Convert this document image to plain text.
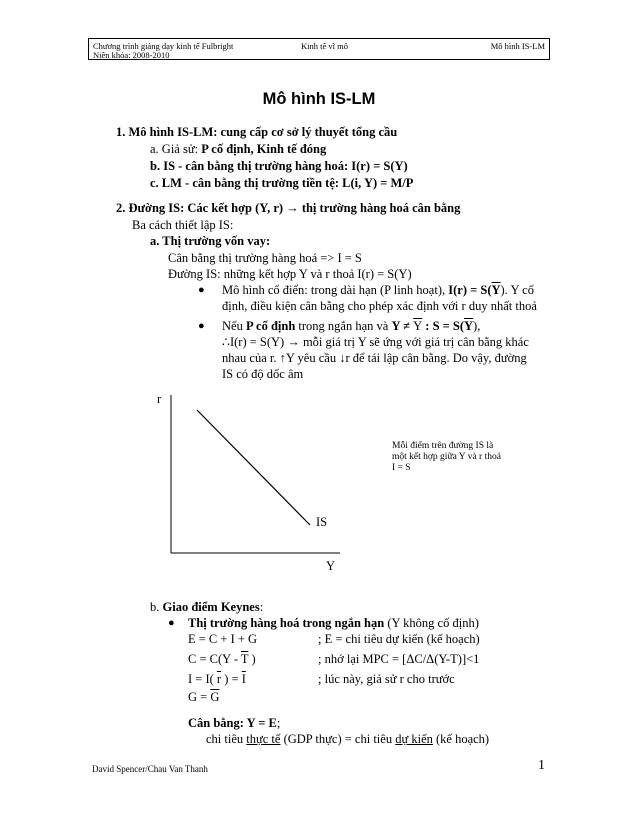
Chương trình giảng dạy kinh tế Fulbright
Niên khóa: 2008-2010
Kinh tế vĩ mô	Mô hình IS-LM
Mô hình IS-LM
1. Mô hình IS-LM: cung cấp cơ sở lý thuyết tổng cầu
a. Giả sử: P cố định, Kinh tế đóng
b. IS - cân bằng thị trường hàng hoá: I(r) = S(Y)
c. LM - cân bằng thị trường tiền tệ: L(i, Y) = M/P
2. Đường IS: Các kết hợp (Y, r) → thị trường hàng hoá cân bằng
Ba cách thiết lập IS:
a. Thị trường vốn vay:
Cân bằng thị trường hàng hoá => I = S
Đường IS: những kết hợp Y và r thoả I(r) = S(Y)
● Mô hình cổ điển: trong dài hạn (P linh hoạt), $I(r) = S(\overline{Y})$. Y cố
định, điều kiện cân bằng cho phép xác định với r duy nhất thoả
● Nếu P cố định trong ngắn hạn và $Y \ne \overline{Y}$ : $S = S(\overline{Y})$,
∴I(r) = S(Y) → mỗi giá trị Y sẽ ứng với giá trị cân bằng khác
nhau của r. ↑Y yêu cầu ↓r để tái lập cân bằng. Do vậy, đường
IS có độ dốc âm
r
Y
IS
Mỗi điểm trên đường IS là
một kết hợp giữa Y và r thoả
I = S
b. Giao điểm Keynes:
● Thị trường hàng hoá trong ngắn hạn (Y không cố định)
E = C + I + G	; E = chi tiêu dự kiến (kế hoạch)
$C = C(Y - \overline{T}$ )	; nhớ lại MPC = [ΔC/Δ(Y-T)]<1
I = I( $\overline{r}$ ) = $\overline{I}$	; lúc này, giả sử r cho trước
$G = \overline{G}$
Cân bằng: Y = E;
chi tiêu thực tế (GDP thực) = chi tiêu dự kiến (kế hoạch)
David Spencer/Chau Van Thanh	1
